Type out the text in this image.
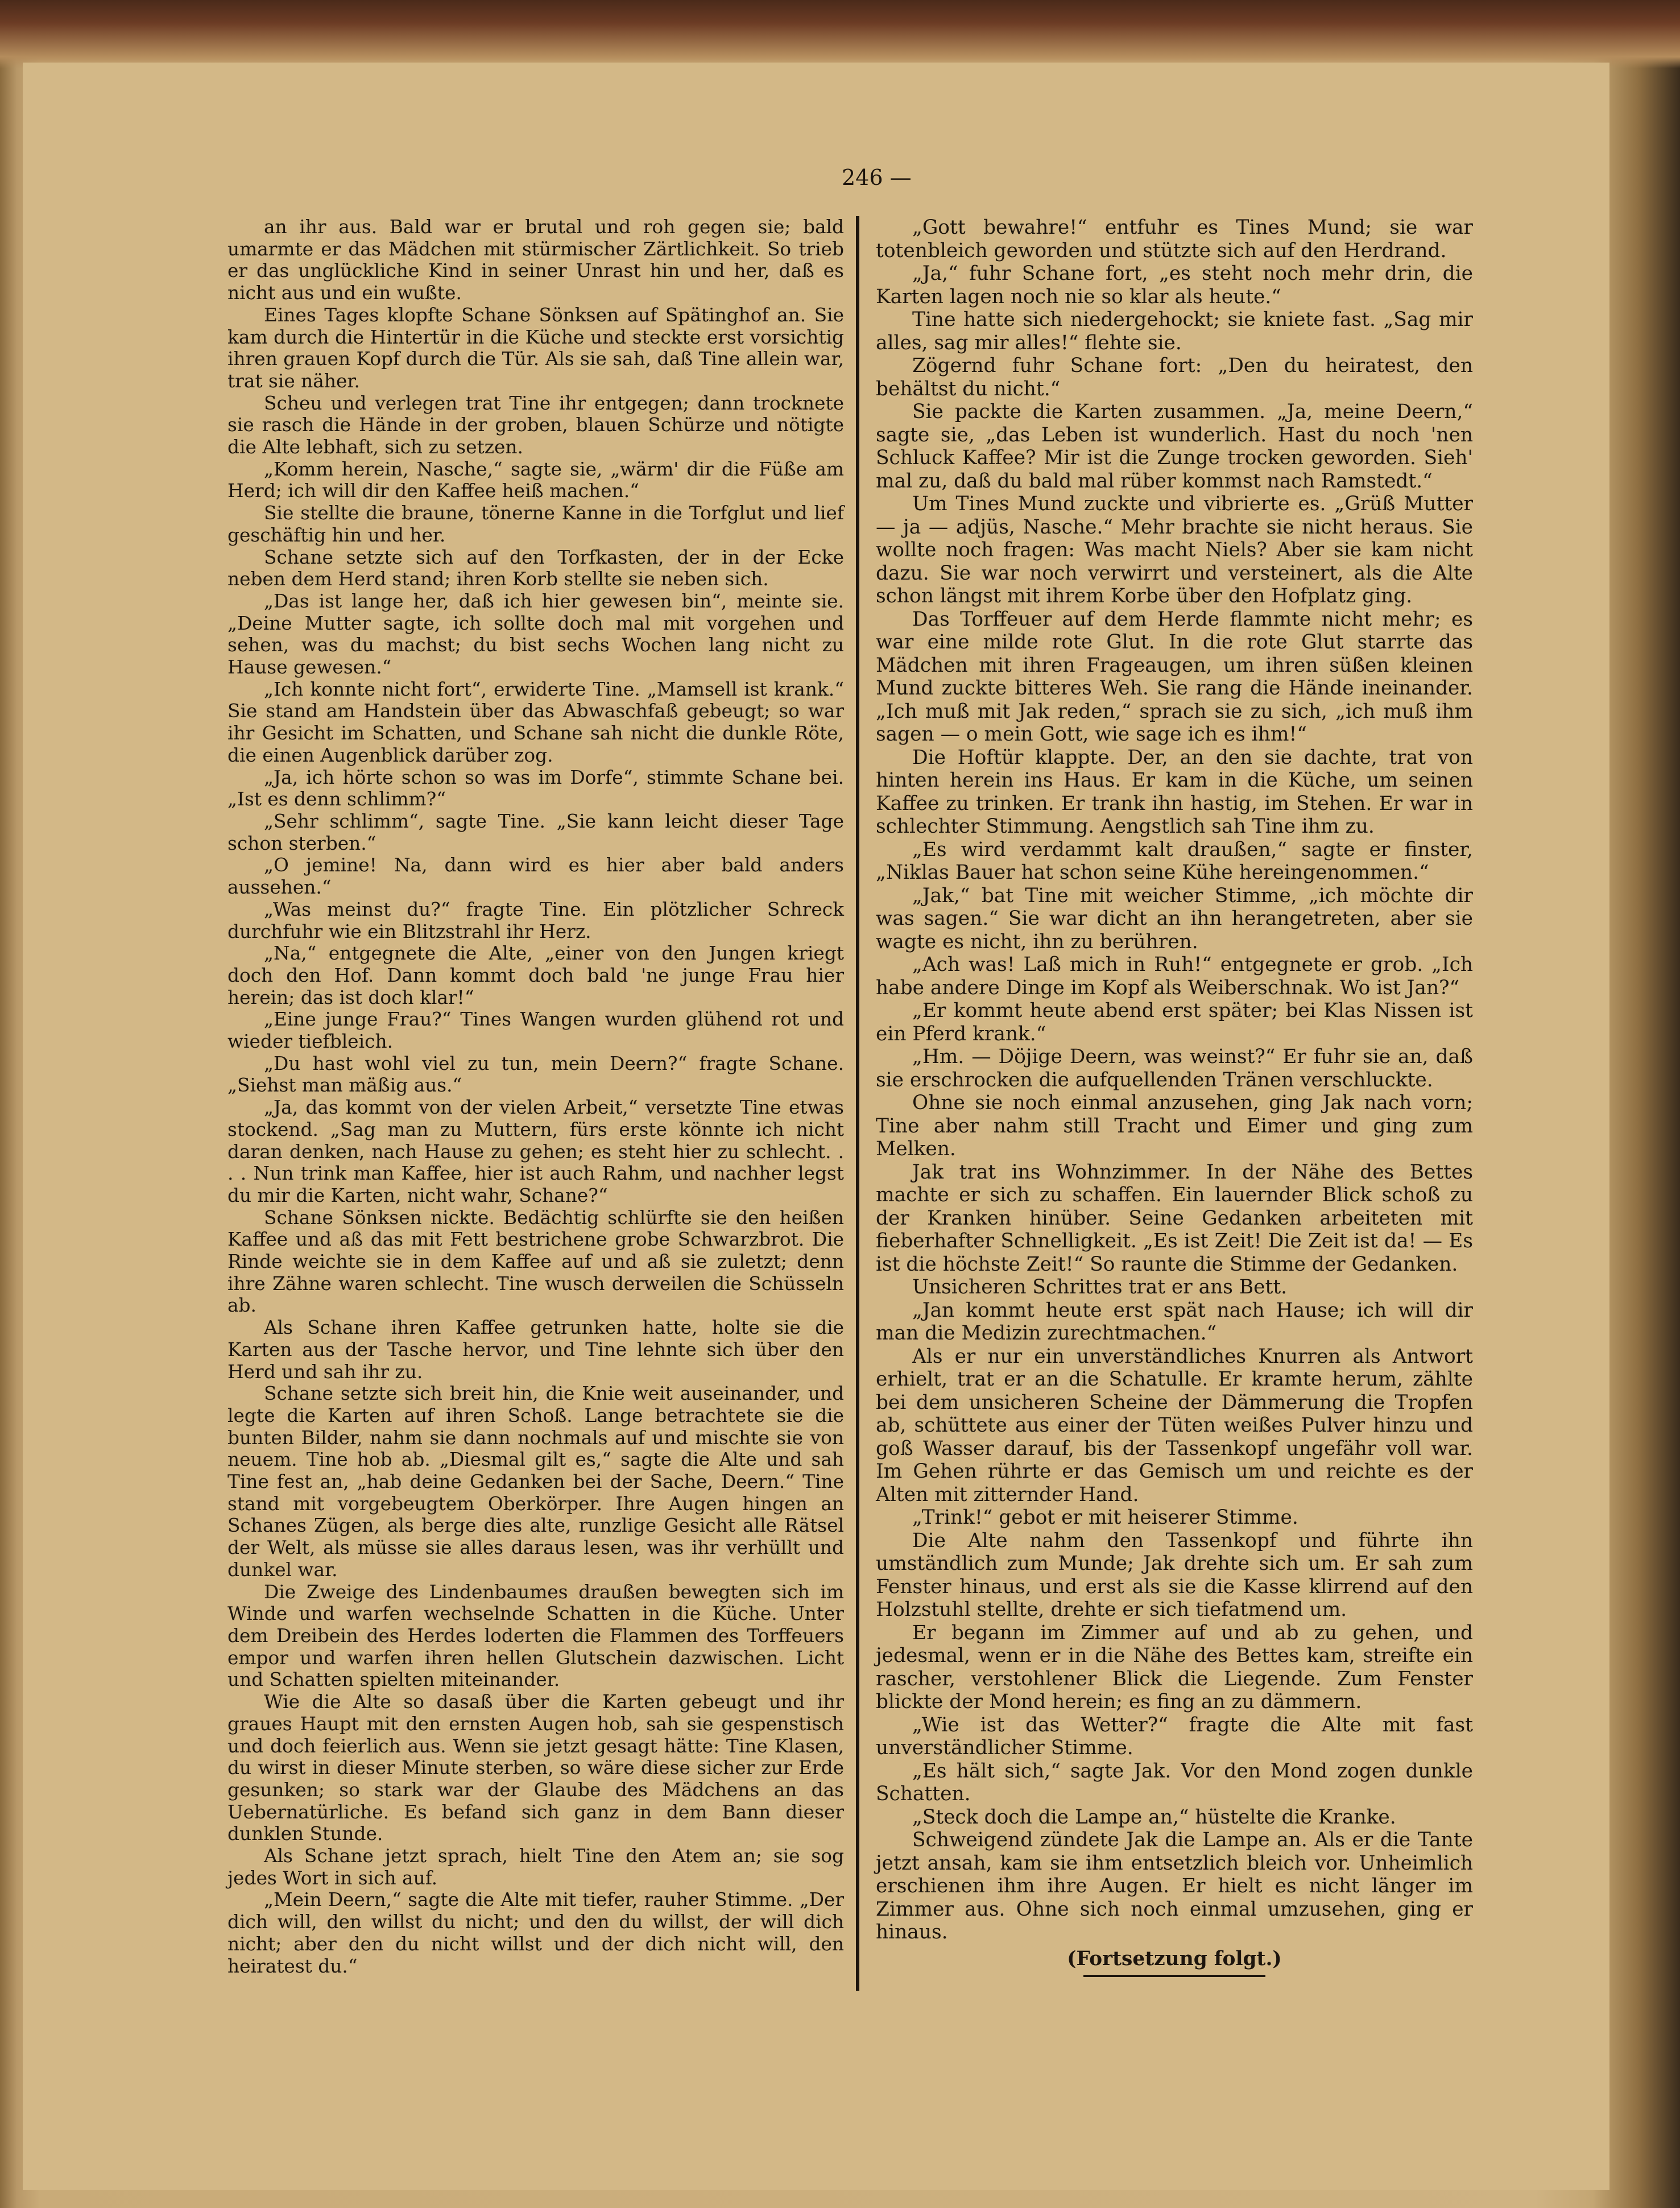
246 —

an ihr aus. Bald war er brutal und roh gegen sie; bald umarmte er das Mädchen mit stürmischer Zärtlichkeit. So trieb er das unglückliche Kind in seiner Unrast hin und her, daß es nicht aus und ein wußte.

Eines Tages klopfte Schane Sönksen auf Spätinghof an. Sie kam durch die Hintertür in die Küche und steckte erst vorsichtig ihren grauen Kopf durch die Tür. Als sie sah, daß Tine allein war, trat sie näher.

Scheu und verlegen trat Tine ihr entgegen; dann trocknete sie rasch die Hände in der groben, blauen Schürze und nötigte die Alte lebhaft, sich zu setzen.

„Komm herein, Nasche,“ sagte sie, „wärm' dir die Füße am Herd; ich will dir den Kaffee heiß machen.“

Sie stellte die braune, tönerne Kanne in die Torfglut und lief geschäftig hin und her.

Schane setzte sich auf den Torfkasten, der in der Ecke neben dem Herd stand; ihren Korb stellte sie neben sich.

„Das ist lange her, daß ich hier gewesen bin“, meinte sie. „Deine Mutter sagte, ich sollte doch mal mit vorgehen und sehen, was du machst; du bist sechs Wochen lang nicht zu Hause gewesen.“

„Ich konnte nicht fort“, erwiderte Tine. „Mamsell ist krank.“ Sie stand am Handstein über das Abwaschfaß gebeugt; so war ihr Gesicht im Schatten, und Schane sah nicht die dunkle Röte, die einen Augenblick darüber zog.

„Ja, ich hörte schon so was im Dorfe“, stimmte Schane bei. „Ist es denn schlimm?“

„Sehr schlimm“, sagte Tine. „Sie kann leicht dieser Tage schon sterben.“

„O jemine! Na, dann wird es hier aber bald anders aussehen.“

„Was meinst du?“ fragte Tine. Ein plötzlicher Schreck durchfuhr wie ein Blitzstrahl ihr Herz.

„Na,“ entgegnete die Alte, „einer von den Jungen kriegt doch den Hof. Dann kommt doch bald 'ne junge Frau hier herein; das ist doch klar!“

„Eine junge Frau?“ Tines Wangen wurden glühend rot und wieder tiefbleich.

„Du hast wohl viel zu tun, mein Deern?“ fragte Schane. „Siehst man mäßig aus.“

„Ja, das kommt von der vielen Arbeit,“ versetzte Tine etwas stockend. „Sag man zu Muttern, fürs erste könnte ich nicht daran denken, nach Hause zu gehen; es steht hier zu schlecht. . . . Nun trink man Kaffee, hier ist auch Rahm, und nachher legst du mir die Karten, nicht wahr, Schane?“

Schane Sönksen nickte. Bedächtig schlürfte sie den heißen Kaffee und aß das mit Fett bestrichene grobe Schwarzbrot. Die Rinde weichte sie in dem Kaffee auf und aß sie zuletzt; denn ihre Zähne waren schlecht. Tine wusch derweilen die Schüsseln ab.

Als Schane ihren Kaffee getrunken hatte, holte sie die Karten aus der Tasche hervor, und Tine lehnte sich über den Herd und sah ihr zu.

Schane setzte sich breit hin, die Knie weit auseinander, und legte die Karten auf ihren Schoß. Lange betrachtete sie die bunten Bilder, nahm sie dann nochmals auf und mischte sie von neuem. Tine hob ab. „Diesmal gilt es,“ sagte die Alte und sah Tine fest an, „hab deine Gedanken bei der Sache, Deern.“ Tine stand mit vorgebeugtem Oberkörper. Ihre Augen hingen an Schanes Zügen, als berge dies alte, runzlige Gesicht alle Rätsel der Welt, als müsse sie alles daraus lesen, was ihr verhüllt und dunkel war.

Die Zweige des Lindenbaumes draußen bewegten sich im Winde und warfen wechselnde Schatten in die Küche. Unter dem Dreibein des Herdes loderten die Flammen des Torffeuers empor und warfen ihren hellen Glutschein dazwischen. Licht und Schatten spielten miteinander.

Wie die Alte so dasaß über die Karten gebeugt und ihr graues Haupt mit den ernsten Augen hob, sah sie gespenstisch und doch feierlich aus. Wenn sie jetzt gesagt hätte: Tine Klasen, du wirst in dieser Minute sterben, so wäre diese sicher zur Erde gesunken; so stark war der Glaube des Mädchens an das Uebernatürliche. Es befand sich ganz in dem Bann dieser dunklen Stunde.

Als Schane jetzt sprach, hielt Tine den Atem an; sie sog jedes Wort in sich auf.

„Mein Deern,“ sagte die Alte mit tiefer, rauher Stimme. „Der dich will, den willst du nicht; und den du willst, der will dich nicht; aber den du nicht willst und der dich nicht will, den heiratest du.“

„Gott bewahre!“ entfuhr es Tines Mund; sie war totenbleich geworden und stützte sich auf den Herdrand.

„Ja,“ fuhr Schane fort, „es steht noch mehr drin, die Karten lagen noch nie so klar als heute.“

Tine hatte sich niedergehockt; sie kniete fast. „Sag mir alles, sag mir alles!“ flehte sie.

Zögernd fuhr Schane fort: „Den du heiratest, den behältst du nicht.“

Sie packte die Karten zusammen. „Ja, meine Deern,“ sagte sie, „das Leben ist wunderlich. Hast du noch 'nen Schluck Kaffee? Mir ist die Zunge trocken geworden. Sieh' mal zu, daß du bald mal rüber kommst nach Ramstedt.“

Um Tines Mund zuckte und vibrierte es. „Grüß Mutter — ja — adjüs, Nasche.“ Mehr brachte sie nicht heraus. Sie wollte noch fragen: Was macht Niels? Aber sie kam nicht dazu. Sie war noch verwirrt und versteinert, als die Alte schon längst mit ihrem Korbe über den Hofplatz ging.

Das Torffeuer auf dem Herde flammte nicht mehr; es war eine milde rote Glut. In die rote Glut starrte das Mädchen mit ihren Frageaugen, um ihren süßen kleinen Mund zuckte bitteres Weh. Sie rang die Hände ineinander. „Ich muß mit Jak reden,“ sprach sie zu sich, „ich muß ihm sagen — o mein Gott, wie sage ich es ihm!“

Die Hoftür klappte. Der, an den sie dachte, trat von hinten herein ins Haus. Er kam in die Küche, um seinen Kaffee zu trinken. Er trank ihn hastig, im Stehen. Er war in schlechter Stimmung. Aengstlich sah Tine ihm zu.

„Es wird verdammt kalt draußen,“ sagte er finster, „Niklas Bauer hat schon seine Kühe hereingenommen.“

„Jak,“ bat Tine mit weicher Stimme, „ich möchte dir was sagen.“ Sie war dicht an ihn herangetreten, aber sie wagte es nicht, ihn zu berühren.

„Ach was! Laß mich in Ruh!“ entgegnete er grob. „Ich habe andere Dinge im Kopf als Weiberschnak. Wo ist Jan?“

„Er kommt heute abend erst später; bei Klas Nissen ist ein Pferd krank.“

„Hm. — Döjige Deern, was weinst?“ Er fuhr sie an, daß sie erschrocken die aufquellenden Tränen verschluckte.

Ohne sie noch einmal anzusehen, ging Jak nach vorn; Tine aber nahm still Tracht und Eimer und ging zum Melken.

Jak trat ins Wohnzimmer. In der Nähe des Bettes machte er sich zu schaffen. Ein lauernder Blick schoß zu der Kranken hinüber. Seine Gedanken arbeiteten mit fieberhafter Schnelligkeit. „Es ist Zeit! Die Zeit ist da! — Es ist die höchste Zeit!“ So raunte die Stimme der Gedanken.

Unsicheren Schrittes trat er ans Bett.

„Jan kommt heute erst spät nach Hause; ich will dir man die Medizin zurechtmachen.“

Als er nur ein unverständliches Knurren als Antwort erhielt, trat er an die Schatulle. Er kramte herum, zählte bei dem unsicheren Scheine der Dämmerung die Tropfen ab, schüttete aus einer der Tüten weißes Pulver hinzu und goß Wasser darauf, bis der Tassenkopf ungefähr voll war. Im Gehen rührte er das Gemisch um und reichte es der Alten mit zitternder Hand.

„Trink!“ gebot er mit heiserer Stimme.

Die Alte nahm den Tassenkopf und führte ihn umständlich zum Munde; Jak drehte sich um. Er sah zum Fenster hinaus, und erst als sie die Kasse klirrend auf den Holzstuhl stellte, drehte er sich tiefatmend um.

Er begann im Zimmer auf und ab zu gehen, und jedesmal, wenn er in die Nähe des Bettes kam, streifte ein rascher, verstohlener Blick die Liegende. Zum Fenster blickte der Mond herein; es fing an zu dämmern.

„Wie ist das Wetter?“ fragte die Alte mit fast unverständlicher Stimme.

„Es hält sich,“ sagte Jak. Vor den Mond zogen dunkle Schatten.

„Steck doch die Lampe an,“ hüstelte die Kranke.

Schweigend zündete Jak die Lampe an. Als er die Tante jetzt ansah, kam sie ihm entsetzlich bleich vor. Unheimlich erschienen ihm ihre Augen. Er hielt es nicht länger im Zimmer aus. Ohne sich noch einmal umzusehen, ging er hinaus.

(Fortsetzung folgt.)
